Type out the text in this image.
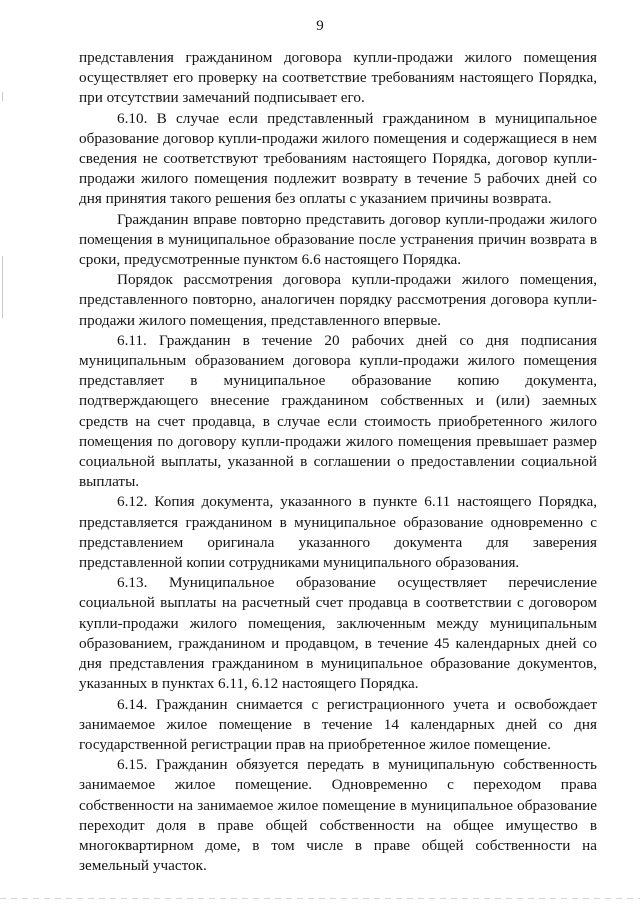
9

представления гражданином договора купли-продажи жилого помещения осуществляет его проверку на соответствие требованиям настоящего Порядка, при отсутствии замечаний подписывает его.

6.10. В случае если представленный гражданином в муниципальное образование договор купли-продажи жилого помещения и содержащиеся в нем сведения не соответствуют требованиям настоящего Порядка, договор купли-продажи жилого помещения подлежит возврату в течение 5 рабочих дней со дня принятия такого решения без оплаты с указанием причины возврата.

Гражданин вправе повторно представить договор купли-продажи жилого помещения в муниципальное образование после устранения причин возврата в сроки, предусмотренные пунктом 6.6 настоящего Порядка.

Порядок рассмотрения договора купли-продажи жилого помещения, представленного повторно, аналогичен порядку рассмотрения договора купли-продажи жилого помещения, представленного впервые.

6.11. Гражданин в течение 20 рабочих дней со дня подписания муниципальным образованием договора купли-продажи жилого помещения представляет в муниципальное образование копию документа, подтверждающего внесение гражданином собственных и (или) заемных средств на счет продавца, в случае если стоимость приобретенного жилого помещения по договору купли-продажи жилого помещения превышает размер социальной выплаты, указанной в соглашении о предоставлении социальной выплаты.

6.12. Копия документа, указанного в пункте 6.11 настоящего Порядка, представляется гражданином в муниципальное образование одновременно с представлением оригинала указанного документа для заверения представленной копии сотрудниками муниципального образования.

6.13. Муниципальное образование осуществляет перечисление социальной выплаты на расчетный счет продавца в соответствии с договором купли-продажи жилого помещения, заключенным между муниципальным образованием, гражданином и продавцом, в течение 45 календарных дней со дня представления гражданином в муниципальное образование документов, указанных в пунктах 6.11, 6.12 настоящего Порядка.

6.14. Гражданин снимается с регистрационного учета и освобождает занимаемое жилое помещение в течение 14 календарных дней со дня государственной регистрации прав на приобретенное жилое помещение.

6.15. Гражданин обязуется передать в муниципальную собственность занимаемое жилое помещение. Одновременно с переходом права собственности на занимаемое жилое помещение в муниципальное образование переходит доля в праве общей собственности на общее имущество в многоквартирном доме, в том числе в праве общей собственности на земельный участок.
